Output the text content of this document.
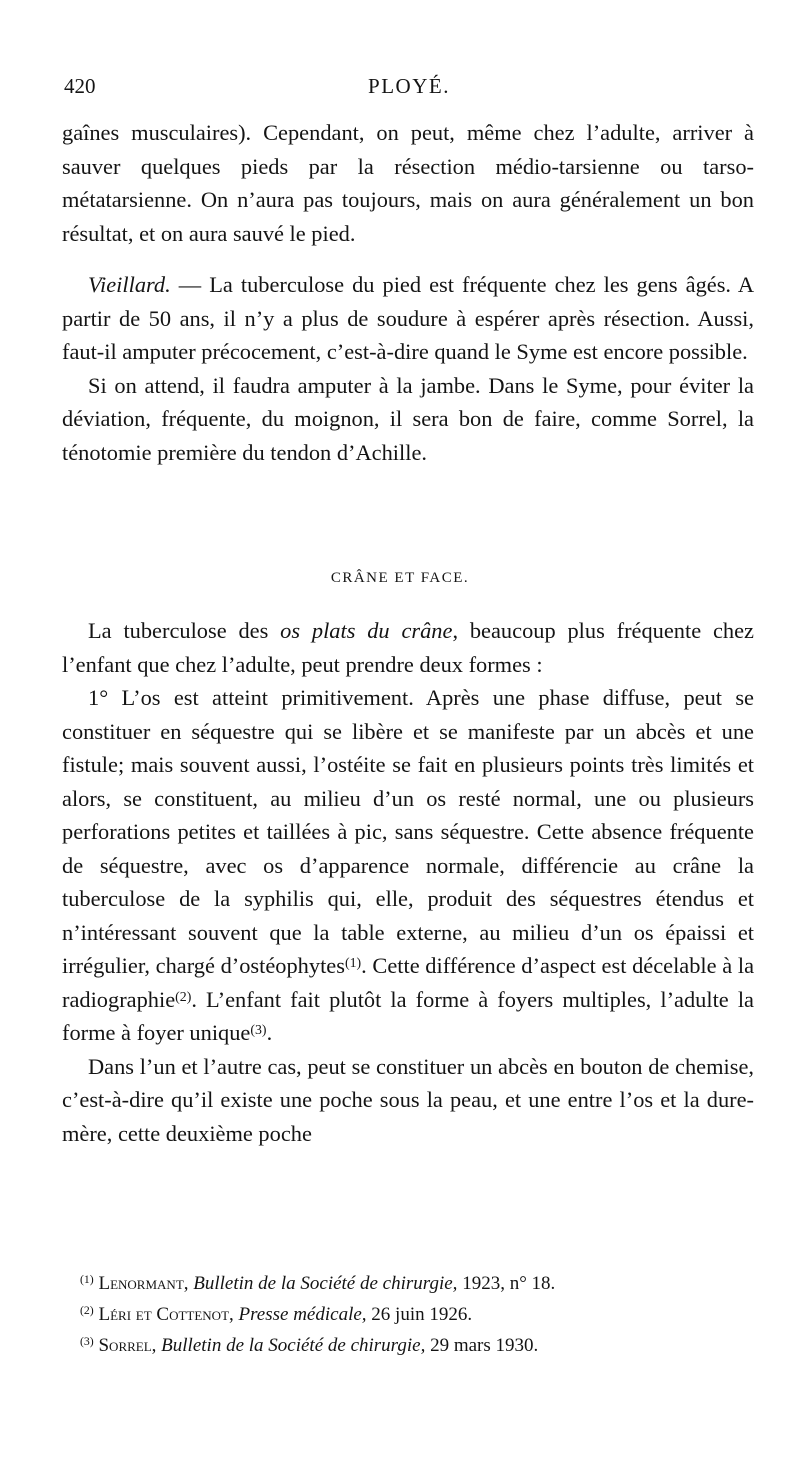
420	PLOYÉ.

gaînes musculaires). Cependant, on peut, même chez l’adulte, arriver à sauver quelques pieds par la résection médio-tarsienne ou tarso-métatarsienne. On n’aura pas toujours, mais on aura généralement un bon résultat, et on aura sauvé le pied.

Vieillard. — La tuberculose du pied est fréquente chez les gens âgés. A partir de 50 ans, il n’y a plus de soudure à espérer après résection. Aussi, faut-il amputer précocement, c’est-à-dire quand le Syme est encore possible.

Si on attend, il faudra amputer à la jambe. Dans le Syme, pour éviter la déviation, fréquente, du moignon, il sera bon de faire, comme Sorrel, la ténotomie première du tendon d’Achille.

CRÂNE ET FACE.

La tuberculose des os plats du crâne, beaucoup plus fréquente chez l’enfant que chez l’adulte, peut prendre deux formes :

1° L’os est atteint primitivement. Après une phase diffuse, peut se constituer en séquestre qui se libère et se manifeste par un abcès et une fistule; mais souvent aussi, l’ostéite se fait en plusieurs points très limités et alors, se constituent, au milieu d’un os resté normal, une ou plusieurs perforations petites et taillées à pic, sans séquestre. Cette absence fréquente de séquestre, avec os d’apparence normale, différencie au crâne la tuberculose de la syphilis qui, elle, produit des séquestres étendus et n’intéressant souvent que la table externe, au milieu d’un os épaissi et irrégulier, chargé d’ostéophytes$^{(1)}$. Cette différence d’aspect est décelable à la radiographie$^{(2)}$. L’enfant fait plutôt la forme à foyers multiples, l’adulte la forme à foyer unique$^{(3)}$.

Dans l’un et l’autre cas, peut se constituer un abcès en bouton de chemise, c’est-à-dire qu’il existe une poche sous la peau, et une entre l’os et la dure-mère, cette deuxième poche

$^{(1)}$ Lenormant, Bulletin de la Société de chirurgie, 1923, n° 18.

$^{(2)}$ Léri et Cottenot, Presse médicale, 26 juin 1926.

$^{(3)}$ Sorrel, Bulletin de la Société de chirurgie, 29 mars 1930.
